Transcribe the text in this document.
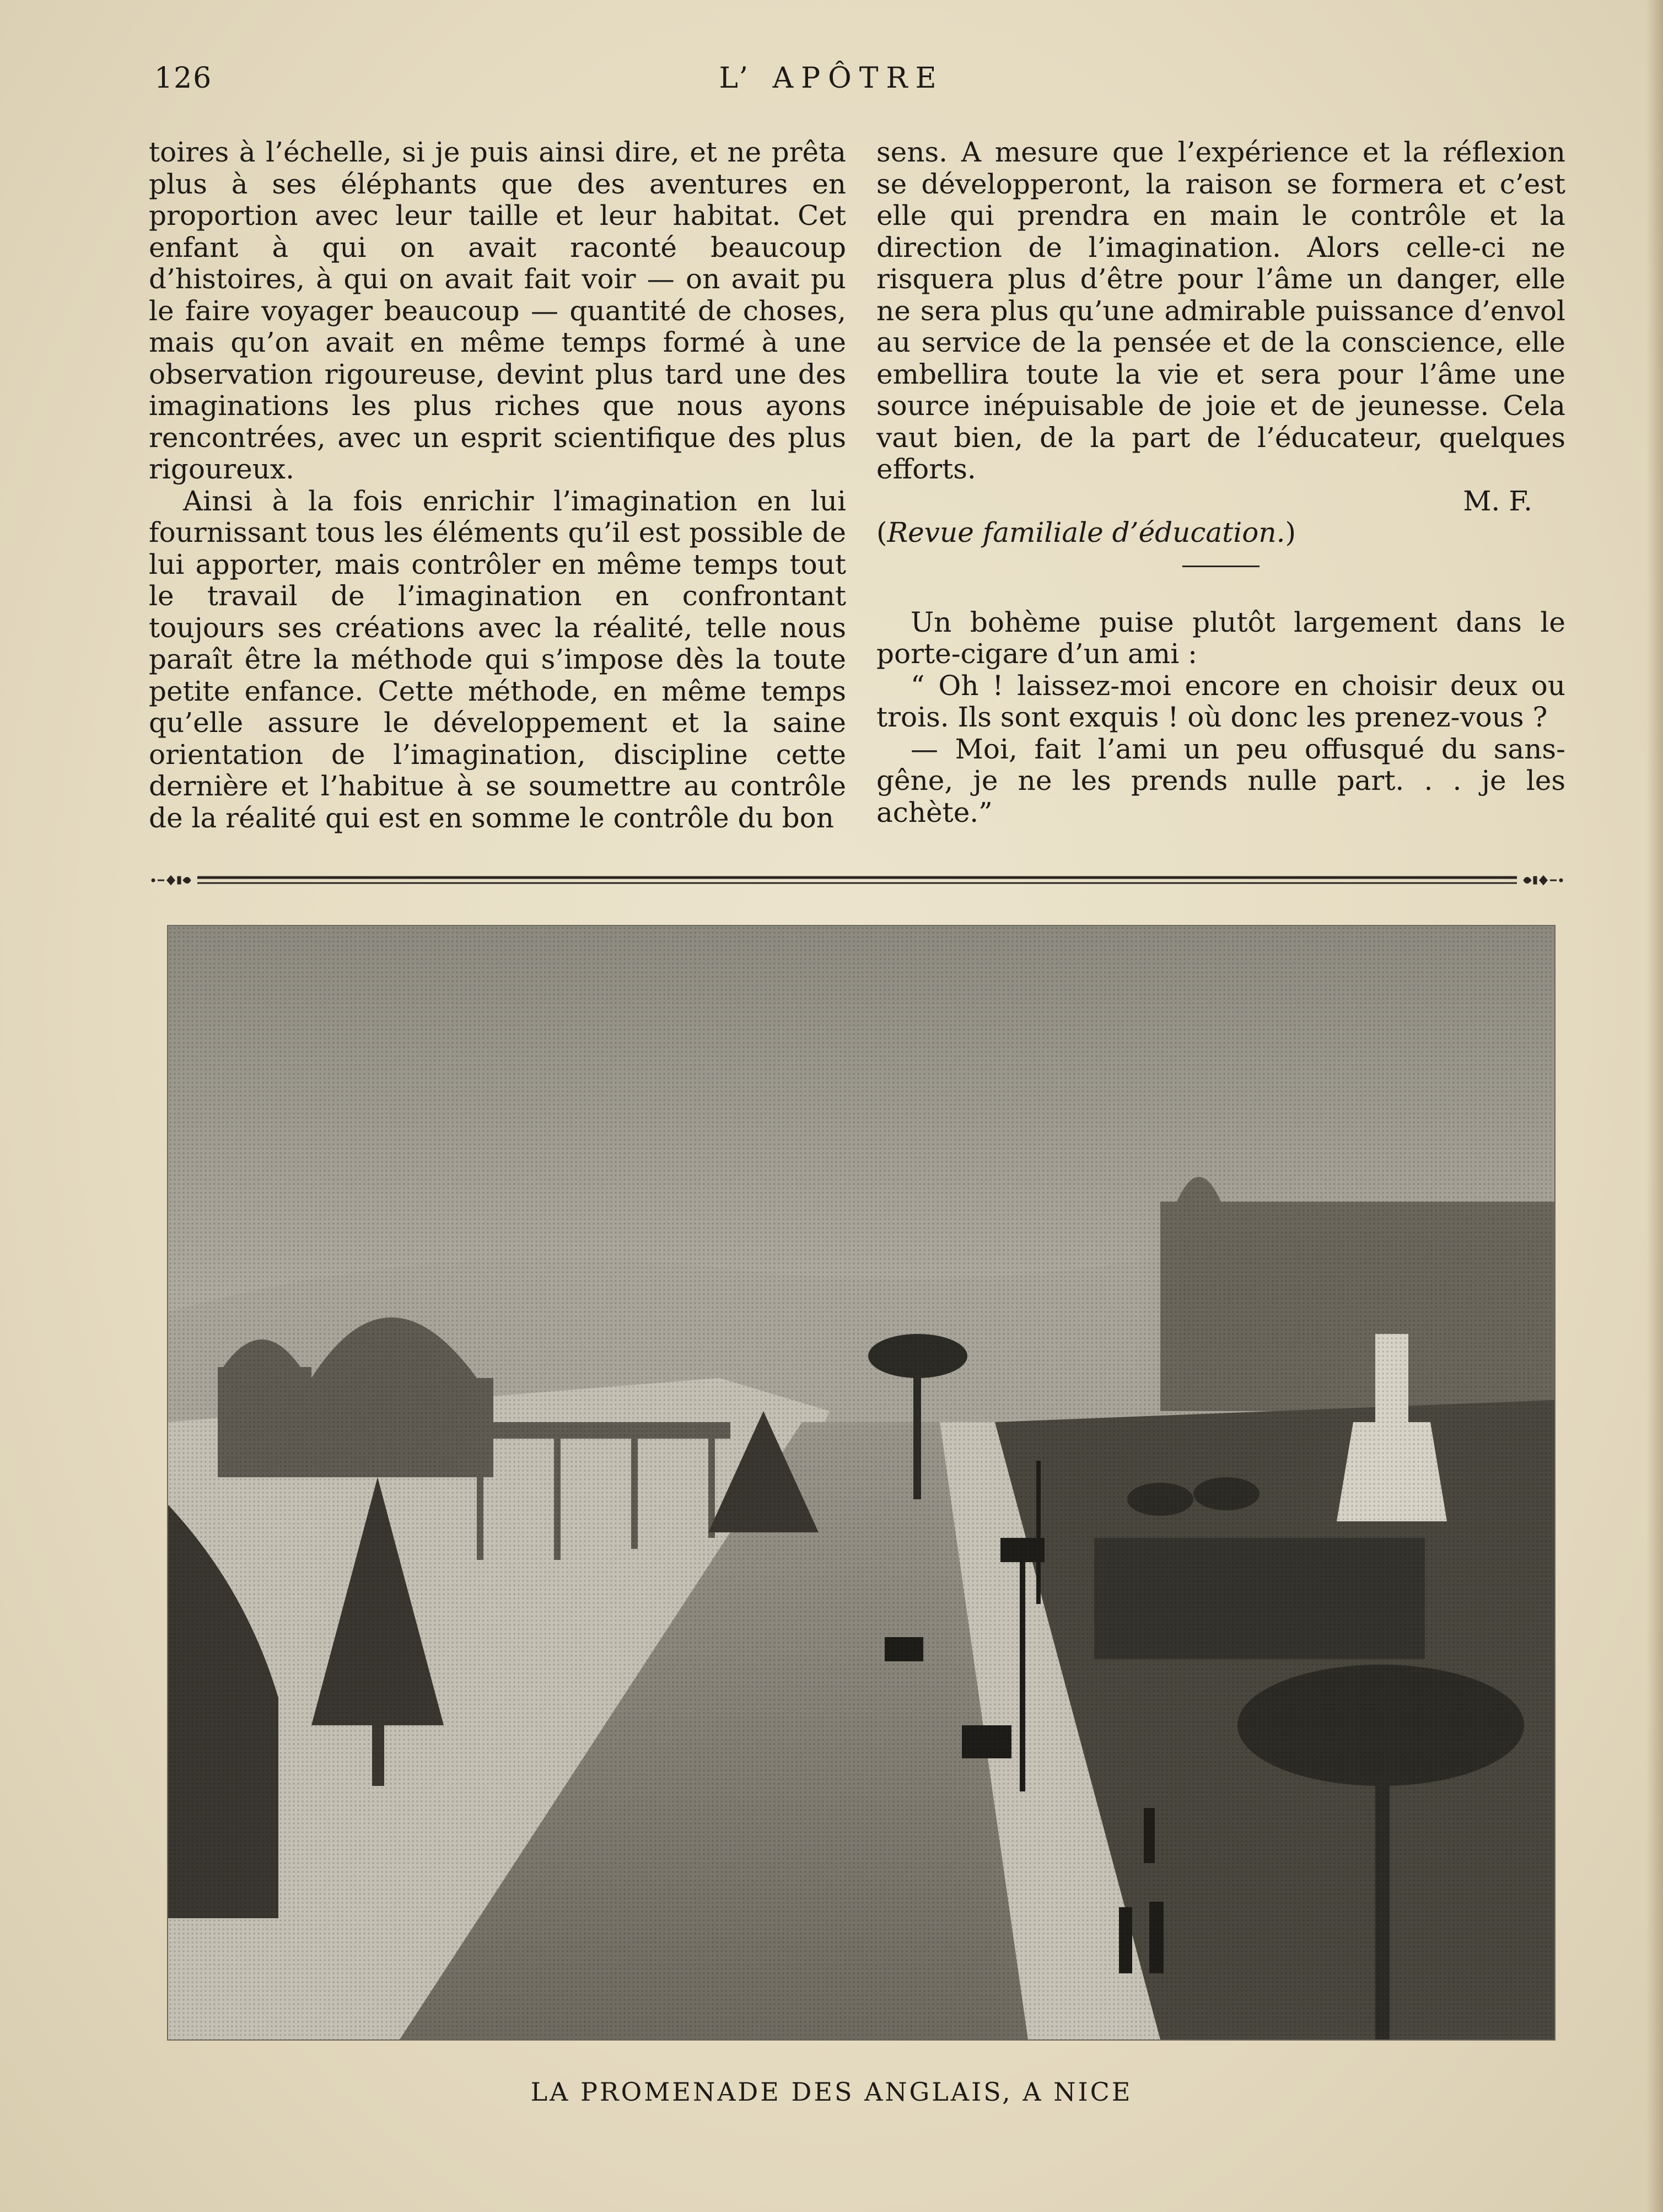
126	L’ APÔTRE

toires à l’échelle, si je puis ainsi dire, et ne prêta plus à ses éléphants que des aventures en proportion avec leur taille et leur habitat. Cet enfant à qui on avait raconté beaucoup d’histoires, à qui on avait fait voir — on avait pu le faire voyager beaucoup — quantité de choses, mais qu’on avait en même temps formé à une observation rigoureuse, devint plus tard une des imaginations les plus riches que nous ayons rencontrées, avec un esprit scientifique des plus rigoureux.

Ainsi à la fois enrichir l’imagination en lui fournissant tous les éléments qu’il est possible de lui apporter, mais contrôler en même temps tout le travail de l’imagination en confrontant toujours ses créations avec la réalité, telle nous paraît être la méthode qui s’impose dès la toute petite enfance. Cette méthode, en même temps qu’elle assure le développement et la saine orientation de l’imagination, discipline cette dernière et l’habitue à se soumettre au contrôle de la réalité qui est en somme le contrôle du bon

sens. A mesure que l’expérience et la réflexion se développeront, la raison se formera et c’est elle qui prendra en main le contrôle et la direction de l’imagination. Alors celle-ci ne risquera plus d’être pour l’âme un danger, elle ne sera plus qu’une admirable puissance d’envol au service de la pensée et de la conscience, elle embellira toute la vie et sera pour l’âme une source inépuisable de joie et de jeunesse. Cela vaut bien, de la part de l’éducateur, quelques efforts.

M. F.

(Revue familiale d’éducation.)

Un bohème puise plutôt largement dans le porte-cigare d’un ami :

“ Oh ! laissez-moi encore en choisir deux ou trois. Ils sont exquis ! où donc les prenez-vous ?

— Moi, fait l’ami un peu offusqué du sans-gêne, je ne les prends nulle part. . . je les achète.”

LA PROMENADE DES ANGLAIS, A NICE
